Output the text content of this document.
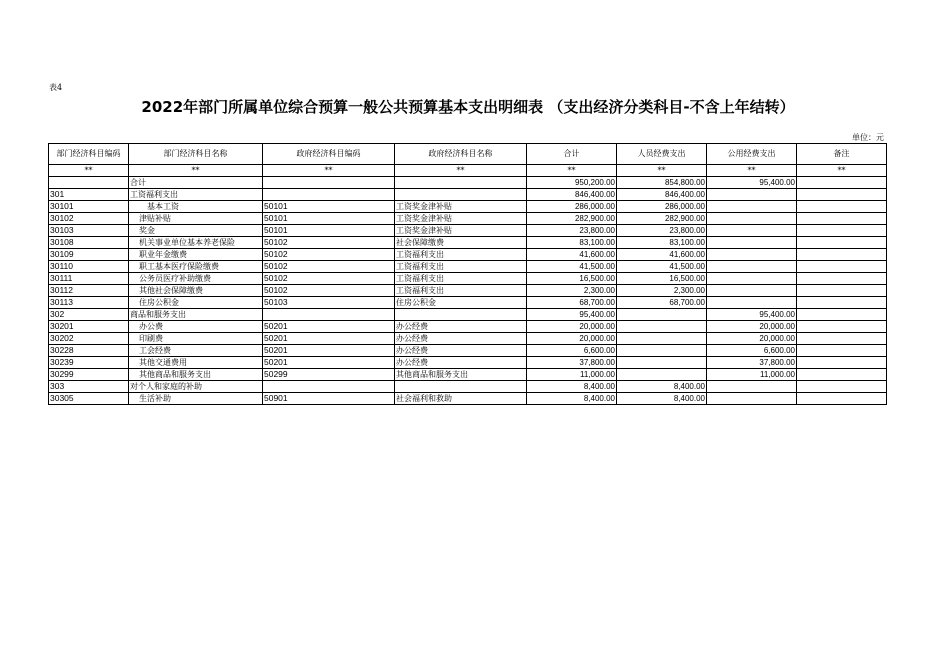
表4
2022年部门所属单位综合预算一般公共预算基本支出明细表 （支出经济分类科目-不含上年结转）
单位：元
部门经济科目编码	部门经济科目名称	政府经济科目编码	政府经济科目名称	合计	人员经费支出	公用经费支出	备注
**	**	**	**	**	**	**	**
	合计			950,200.00	854,800.00	95,400.00	
301	工资福利支出			846,400.00	846,400.00		
30101	基本工资	50101	工资奖金津补贴	286,000.00	286,000.00		
30102	津贴补贴	50101	工资奖金津补贴	282,900.00	282,900.00		
30103	奖金	50101	工资奖金津补贴	23,800.00	23,800.00		
30108	机关事业单位基本养老保险	50102	社会保障缴费	83,100.00	83,100.00		
30109	职业年金缴费	50102	工资福利支出	41,600.00	41,600.00		
30110	职工基本医疗保险缴费	50102	工资福利支出	41,500.00	41,500.00		
30111	公务员医疗补助缴费	50102	工资福利支出	16,500.00	16,500.00		
30112	其他社会保障缴费	50102	工资福利支出	2,300.00	2,300.00		
30113	住房公积金	50103	住房公积金	68,700.00	68,700.00		
302	商品和服务支出			95,400.00		95,400.00	
30201	办公费	50201	办公经费	20,000.00		20,000.00	
30202	印刷费	50201	办公经费	20,000.00		20,000.00	
30228	工会经费	50201	办公经费	6,600.00		6,600.00	
30239	其他交通费用	50201	办公经费	37,800.00		37,800.00	
30299	其他商品和服务支出	50299	其他商品和服务支出	11,000.00		11,000.00	
303	对个人和家庭的补助			8,400.00	8,400.00		
30305	生活补助	50901	社会福利和救助	8,400.00	8,400.00		
